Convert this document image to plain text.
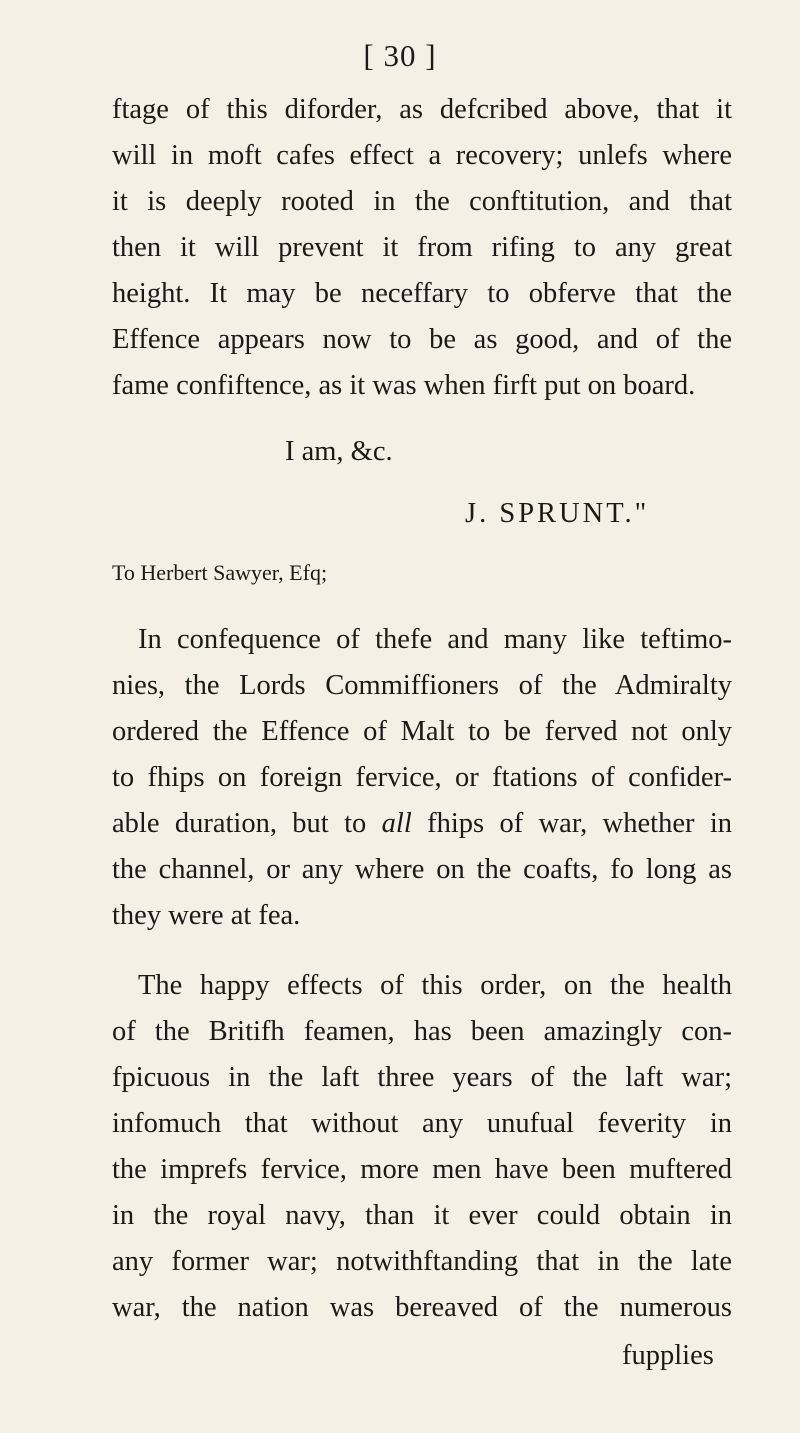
[ 30 ]
ftage of this diforder, as defcribed above, that it
will in moft cafes effect a recovery; unlefs where
it is deeply rooted in the conftitution, and that
then it will prevent it from rifing to any great
height. It may be neceffary to obferve that the
Effence appears now to be as good, and of the
fame confiftence, as it was when firft put on board.
I am, &c.
J. SPRUNT."
To Herbert Sawyer, Efq;
In confequence of thefe and many like teftimo-
nies, the Lords Commiffioners of the Admiralty
ordered the Effence of Malt to be ferved not only
to fhips on foreign fervice, or ftations of confider-
able duration, but to all fhips of war, whether in
the channel, or any where on the coafts, fo long as
they were at fea.
The happy effects of this order, on the health
of the Britifh feamen, has been amazingly con-
fpicuous in the laft three years of the laft war;
infomuch that without any unufual feverity in
the imprefs fervice, more men have been muftered
in the royal navy, than it ever could obtain in
any former war; notwithftanding that in the late
war, the nation was bereaved of the numerous
fupplies
